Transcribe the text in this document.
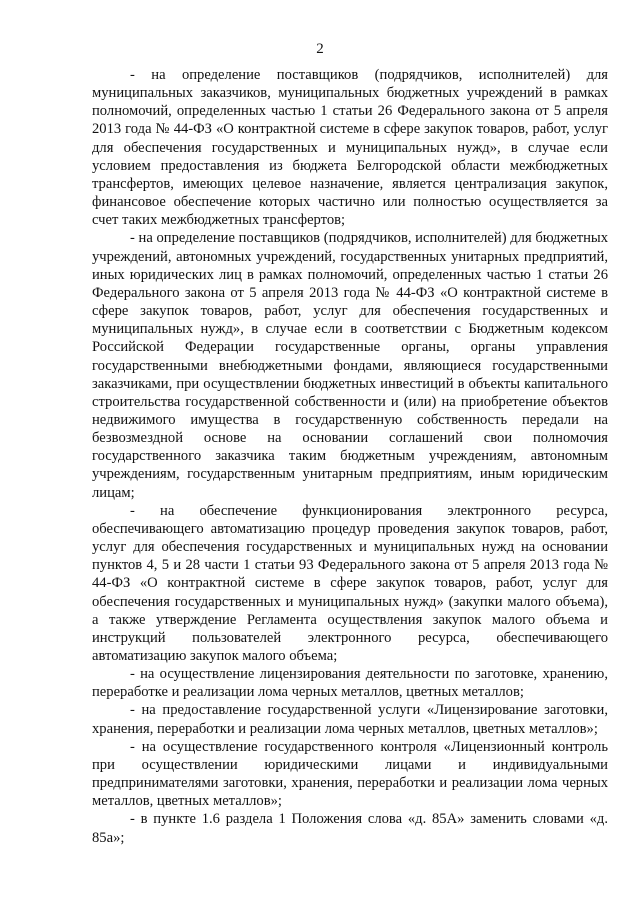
2

- на определение поставщиков (подрядчиков, исполнителей) для муниципальных заказчиков, муниципальных бюджетных учреждений в рамках полномочий, определенных частью 1 статьи 26 Федерального закона от 5 апреля 2013 года № 44-ФЗ «О контрактной системе в сфере закупок товаров, работ, услуг для обеспечения государственных и муниципальных нужд», в случае если условием предоставления из бюджета Белгородской области межбюджетных трансфертов, имеющих целевое назначение, является централизация закупок, финансовое обеспечение которых частично или полностью осуществляется за счет таких межбюджетных трансфертов;

- на определение поставщиков (подрядчиков, исполнителей) для бюджетных учреждений, автономных учреждений, государственных унитарных предприятий, иных юридических лиц в рамках полномочий, определенных частью 1 статьи 26 Федерального закона от 5 апреля 2013 года № 44-ФЗ «О контрактной системе в сфере закупок товаров, работ, услуг для обеспечения государственных и муниципальных нужд», в случае если в соответствии с Бюджетным кодексом Российской Федерации государственные органы, органы управления государственными внебюджетными фондами, являющиеся государственными заказчиками, при осуществлении бюджетных инвестиций в объекты капитального строительства государственной собственности и (или) на приобретение объектов недвижимого имущества в государственную собственность передали на безвозмездной основе на основании соглашений свои полномочия государственного заказчика таким бюджетным учреждениям, автономным учреждениям, государственным унитарным предприятиям, иным юридическим лицам;

- на обеспечение функционирования электронного ресурса, обеспечивающего автоматизацию процедур проведения закупок товаров, работ, услуг для обеспечения государственных и муниципальных нужд на основании пунктов 4, 5 и 28 части 1 статьи 93 Федерального закона от 5 апреля 2013 года № 44-ФЗ «О контрактной системе в сфере закупок товаров, работ, услуг для обеспечения государственных и муниципальных нужд» (закупки малого объема), а также утверждение Регламента осуществления закупок малого объема и инструкций пользователей электронного ресурса, обеспечивающего автоматизацию закупок малого объема;

- на осуществление лицензирования деятельности по заготовке, хранению, переработке и реализации лома черных металлов, цветных металлов;

- на предоставление государственной услуги «Лицензирование заготовки, хранения, переработки и реализации лома черных металлов, цветных металлов»;

- на осуществление государственного контроля «Лицензионный контроль при осуществлении юридическими лицами и индивидуальными предпринимателями заготовки, хранения, переработки и реализации лома черных металлов, цветных металлов»;

- в пункте 1.6 раздела 1 Положения слова «д. 85А» заменить словами «д. 85а»;
